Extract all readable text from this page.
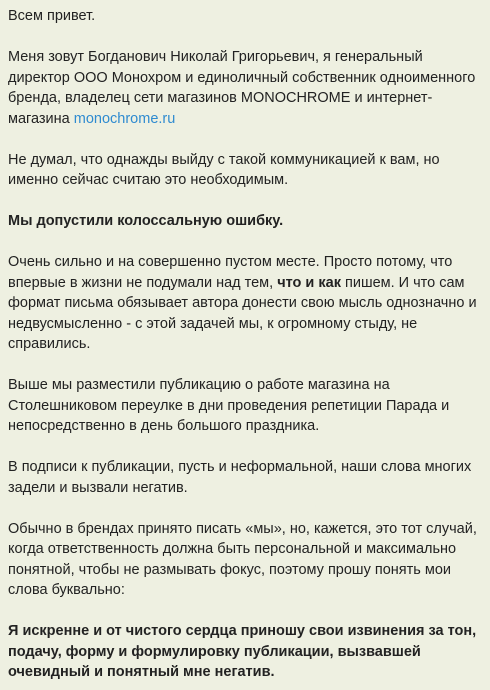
Всем привет.

Меня зовут Богданович Николай Григорьевич, я генеральный директор ООО Монохром и единоличный собственник одноименного бренда, владелец сети магазинов MONOCHROME и интернет-магазина monochrome.ru

Не думал, что однажды выйду с такой коммуникацией к вам, но именно сейчас считаю это необходимым.

Мы допустили колоссальную ошибку.

Очень сильно и на совершенно пустом месте. Просто потому, что впервые в жизни не подумали над тем, что и как пишем. И что сам формат письма обязывает автора донести свою мысль однозначно и недвусмысленно - с этой задачей мы, к огромному стыду, не справились.

Выше мы разместили публикацию о работе магазина на Столешниковом переулке в дни проведения репетиции Парада и непосредственно в день большого праздника.

В подписи к публикации, пусть и неформальной, наши слова многих задели и вызвали негатив.

Обычно в брендах принято писать «мы», но, кажется, это тот случай, когда ответственность должна быть персональной и максимально понятной, чтобы не размывать фокус, поэтому прошу понять мои слова буквально:

Я искренне и от чистого сердца приношу свои извинения за тон, подачу, форму и формулировку публикации, вызвавшей очевидный и понятный мне негатив.
